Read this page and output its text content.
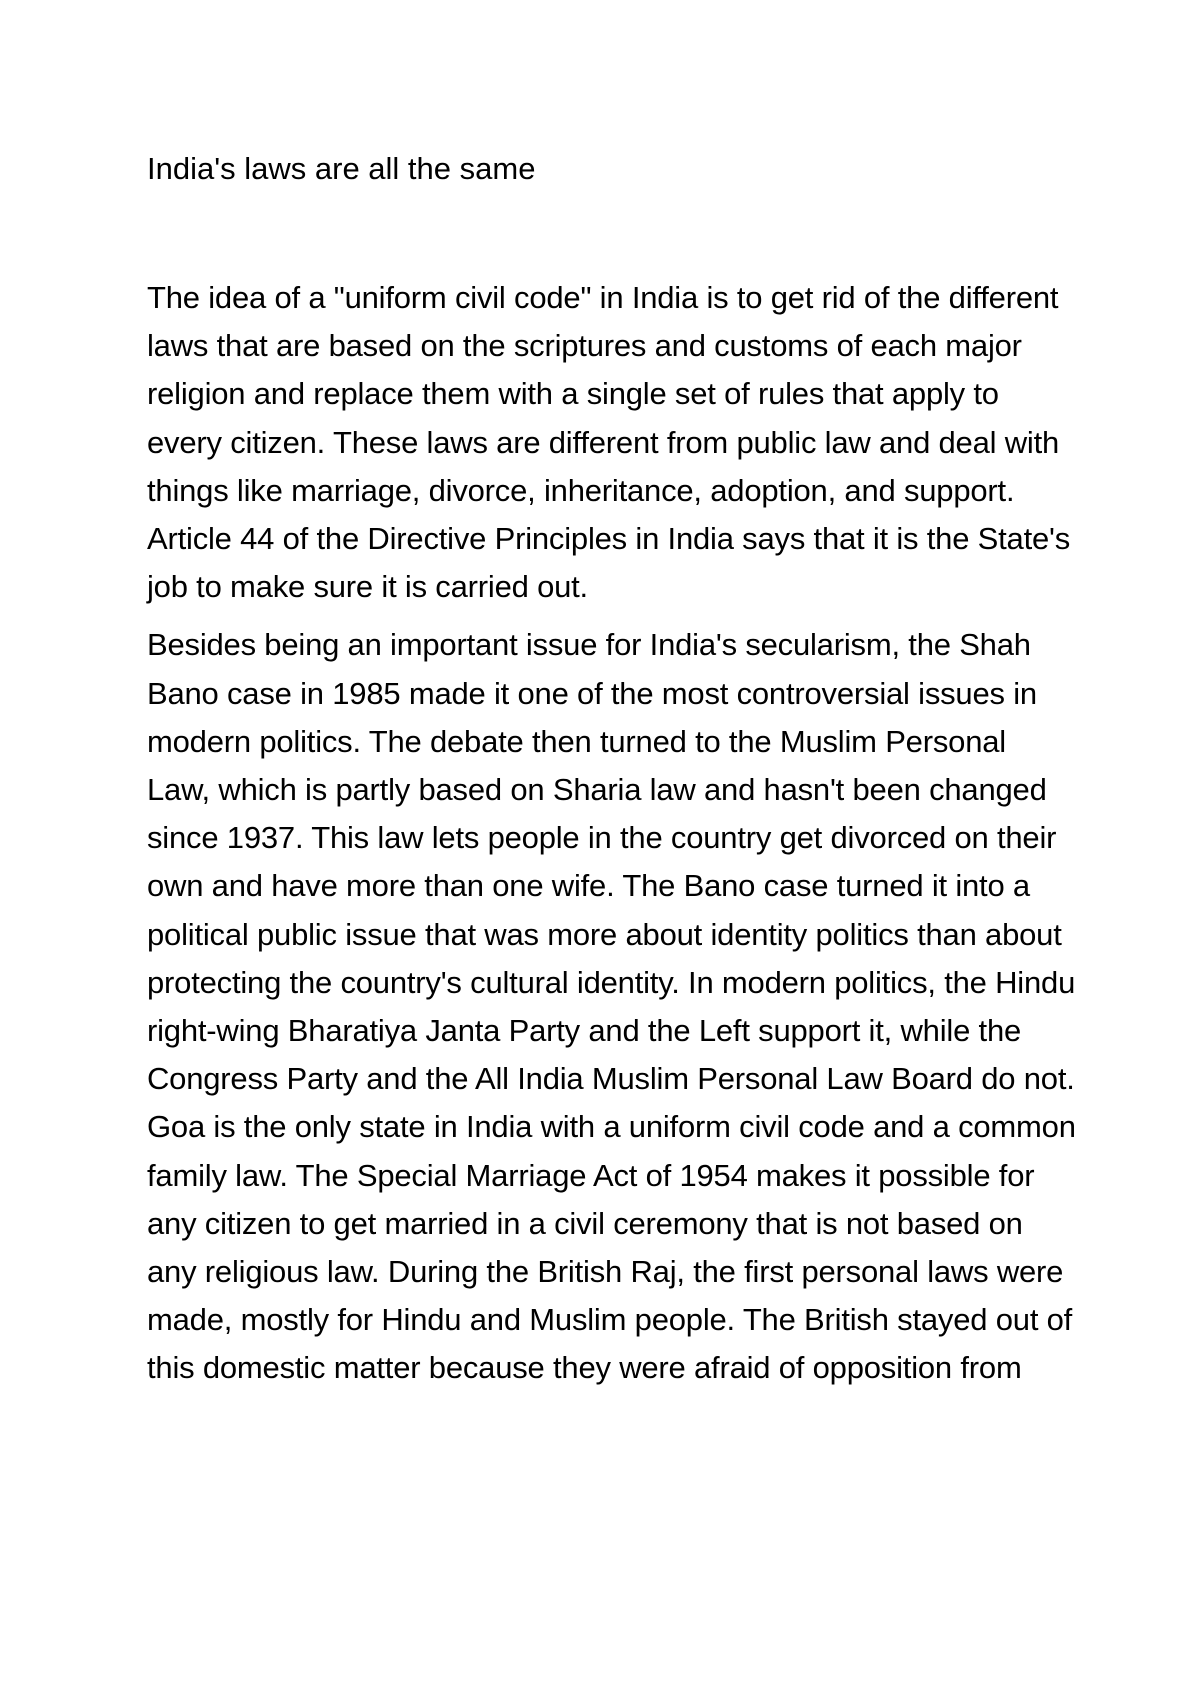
India's laws are all the same

The idea of a "uniform civil code" in India is to get rid of the different laws that are based on the scriptures and customs of each major religion and replace them with a single set of rules that apply to every citizen. These laws are different from public law and deal with things like marriage, divorce, inheritance, adoption, and support. Article 44 of the Directive Principles in India says that it is the State's job to make sure it is carried out.

Besides being an important issue for India's secularism, the Shah Bano case in 1985 made it one of the most controversial issues in modern politics. The debate then turned to the Muslim Personal Law, which is partly based on Sharia law and hasn't been changed since 1937. This law lets people in the country get divorced on their own and have more than one wife. The Bano case turned it into a political public issue that was more about identity politics than about protecting the country's cultural identity. In modern politics, the Hindu right-wing Bharatiya Janta Party and the Left support it, while the Congress Party and the All India Muslim Personal Law Board do not. Goa is the only state in India with a uniform civil code and a common family law. The Special Marriage Act of 1954 makes it possible for any citizen to get married in a civil ceremony that is not based on any religious law. During the British Raj, the first personal laws were made, mostly for Hindu and Muslim people. The British stayed out of this domestic matter because they were afraid of opposition from
